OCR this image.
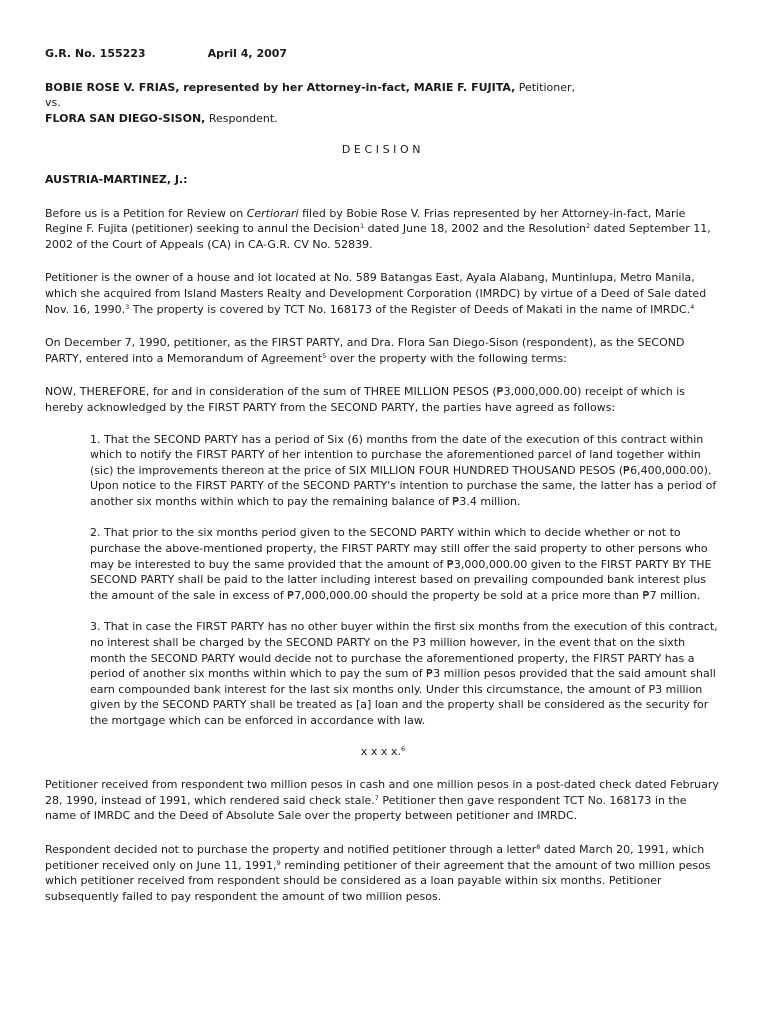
G.R. No. 155223	April 4, 2007
BOBIE ROSE V. FRIAS, represented by her Attorney-in-fact, MARIE F. FUJITA, Petitioner,
vs.
FLORA SAN DIEGO-SISON, Respondent.
DECISION
AUSTRIA-MARTINEZ, J.:

Before us is a Petition for Review on Certiorari filed by Bobie Rose V. Frias represented by her Attorney-in-fact, Marie Regine F. Fujita (petitioner) seeking to annul the Decision$^1$ dated June 18, 2002 and the Resolution$^2$ dated September 11, 2002 of the Court of Appeals (CA) in CA-G.R. CV No. 52839.

Petitioner is the owner of a house and lot located at No. 589 Batangas East, Ayala Alabang, Muntinlupa, Metro Manila, which she acquired from Island Masters Realty and Development Corporation (IMRDC) by virtue of a Deed of Sale dated Nov. 16, 1990.$^3$ The property is covered by TCT No. 168173 of the Register of Deeds of Makati in the name of IMRDC.$^4$

On December 7, 1990, petitioner, as the FIRST PARTY, and Dra. Flora San Diego-Sison (respondent), as the SECOND PARTY, entered into a Memorandum of Agreement$^5$ over the property with the following terms:

NOW, THEREFORE, for and in consideration of the sum of THREE MILLION PESOS (₱3,000,000.00) receipt of which is hereby acknowledged by the FIRST PARTY from the SECOND PARTY, the parties have agreed as follows:

1. That the SECOND PARTY has a period of Six (6) months from the date of the execution of this contract within which to notify the FIRST PARTY of her intention to purchase the aforementioned parcel of land together within (sic) the improvements thereon at the price of SIX MILLION FOUR HUNDRED THOUSAND PESOS (₱6,400,000.00). Upon notice to the FIRST PARTY of the SECOND PARTY's intention to purchase the same, the latter has a period of another six months within which to pay the remaining balance of ₱3.4 million.

2. That prior to the six months period given to the SECOND PARTY within which to decide whether or not to purchase the above-mentioned property, the FIRST PARTY may still offer the said property to other persons who may be interested to buy the same provided that the amount of ₱3,000,000.00 given to the FIRST PARTY BY THE SECOND PARTY shall be paid to the latter including interest based on prevailing compounded bank interest plus the amount of the sale in excess of ₱7,000,000.00 should the property be sold at a price more than ₱7 million.

3. That in case the FIRST PARTY has no other buyer within the first six months from the execution of this contract, no interest shall be charged by the SECOND PARTY on the P3 million however, in the event that on the sixth month the SECOND PARTY would decide not to purchase the aforementioned property, the FIRST PARTY has a period of another six months within which to pay the sum of ₱3 million pesos provided that the said amount shall earn compounded bank interest for the last six months only. Under this circumstance, the amount of P3 million given by the SECOND PARTY shall be treated as [a] loan and the property shall be considered as the security for the mortgage which can be enforced in accordance with law.

x x x x.$^6$

Petitioner received from respondent two million pesos in cash and one million pesos in a post-dated check dated February 28, 1990, instead of 1991, which rendered said check stale.$^7$ Petitioner then gave respondent TCT No. 168173 in the name of IMRDC and the Deed of Absolute Sale over the property between petitioner and IMRDC.

Respondent decided not to purchase the property and notified petitioner through a letter$^8$ dated March 20, 1991, which petitioner received only on June 11, 1991,$^9$ reminding petitioner of their agreement that the amount of two million pesos which petitioner received from respondent should be considered as a loan payable within six months. Petitioner subsequently failed to pay respondent the amount of two million pesos.
